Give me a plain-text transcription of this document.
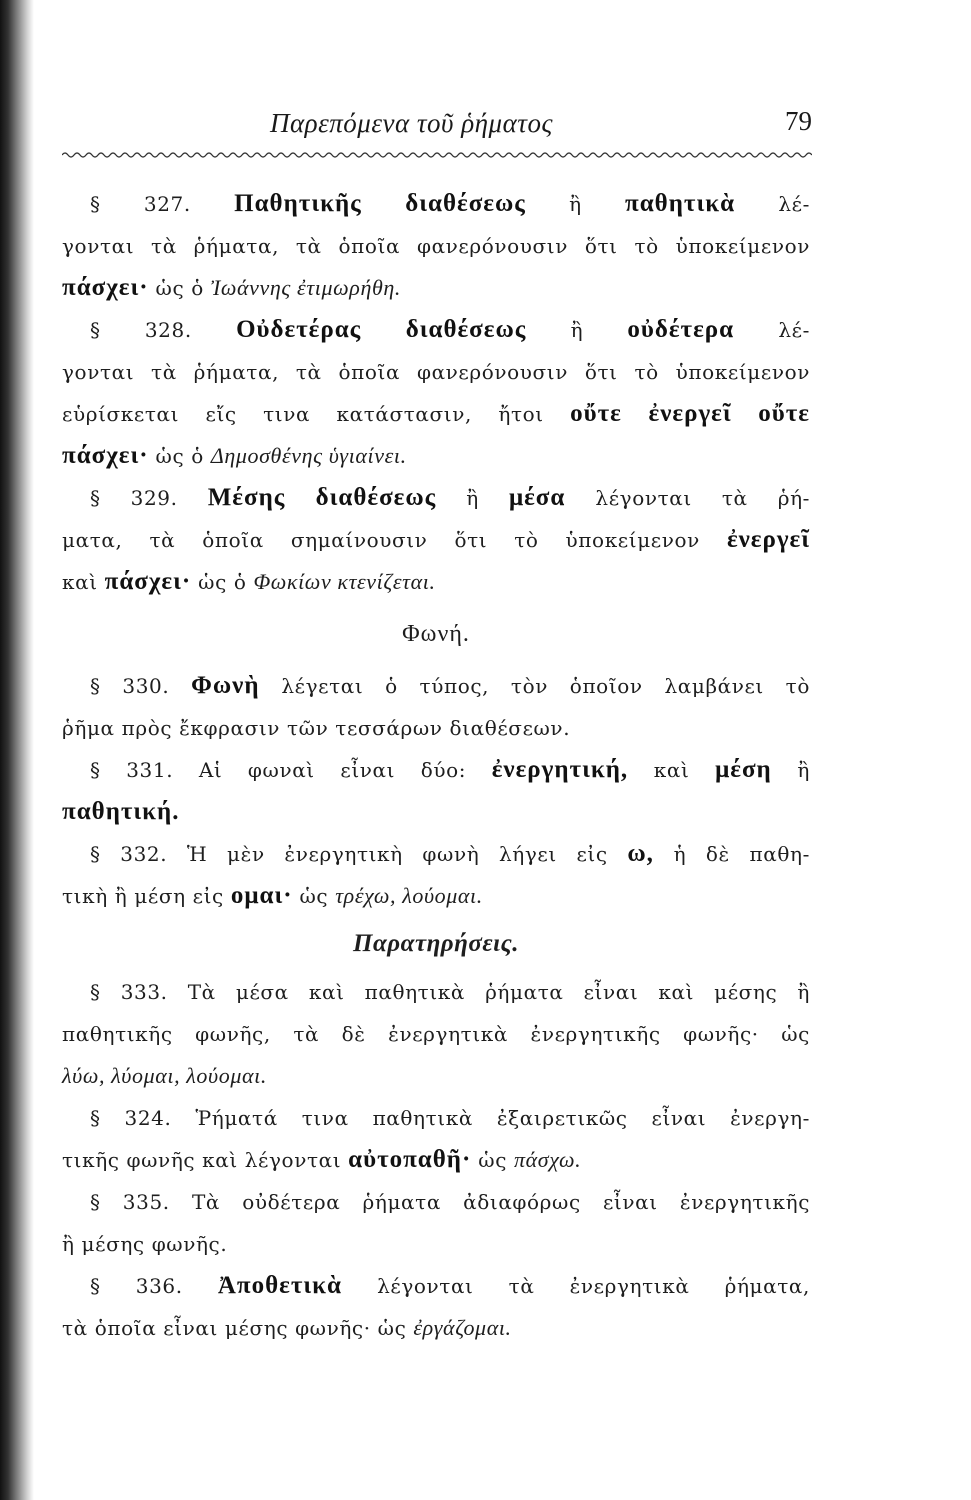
Παρεπόμενα τοῦ ῥήματος	79
§ 327. Παθητικῆς διαθέσεως ἢ παθητικὰ λέ-
γονται τὰ ῥήματα, τὰ ὁποῖα φανερόνουσιν ὅτι τὸ ὑποκείμενον
πάσχει· ὡς ὁ Ἰωάννης ἐτιμωρήθη.
§ 328. Οὐδετέρας διαθέσεως ἢ οὐδέτερα λέ-
γονται τὰ ῥήματα, τὰ ὁποῖα φανερόνουσιν ὅτι τὸ ὑποκείμενον
εὑρίσκεται εἴς τινα κατάστασιν, ἤτοι οὔτε ἐνεργεῖ οὔτε
πάσχει· ὡς ὁ Δημοσθένης ὑγιαίνει.
§ 329. Μέσης διαθέσεως ἢ μέσα λέγονται τὰ ῥή-
ματα, τὰ ὁποῖα σημαίνουσιν ὅτι τὸ ὑποκείμενον ἐνεργεῖ
καὶ πάσχει· ὡς ὁ Φωκίων κτενίζεται.
Φωνή.
§ 330. Φωνὴ λέγεται ὁ τύπος, τὸν ὁποῖον λαμβάνει τὸ
ῥῆμα πρὸς ἔκφρασιν τῶν τεσσάρων διαθέσεων.
§ 331. Αἱ φωναὶ εἶναι δύο: ἐνεργητική, καὶ μέση ἢ
παθητική.
§ 332. Ἡ μὲν ἐνεργητικὴ φωνὴ λήγει εἰς ω, ἡ δὲ παθη-
τικὴ ἢ μέση εἰς ομαι· ὡς τρέχω, λούομαι.
Παρατηρήσεις.
§ 333. Τὰ μέσα καὶ παθητικὰ ῥήματα εἶναι καὶ μέσης ἢ
παθητικῆς φωνῆς, τὰ δὲ ἐνεργητικὰ ἐνεργητικῆς φωνῆς· ὡς
λύω, λύομαι, λούομαι.
§ 324. Ῥήματά τινα παθητικὰ ἐξαιρετικῶς εἶναι ἐνεργη-
τικῆς φωνῆς καὶ λέγονται αὐτοπαθῆ· ὡς πάσχω.
§ 335. Τὰ οὐδέτερα ῥήματα ἀδιαφόρως εἶναι ἐνεργητικῆς
ἢ μέσης φωνῆς.
§ 336. Ἀποθετικὰ λέγονται τὰ ἐνεργητικὰ ῥήματα,
τὰ ὁποῖα εἶναι μέσης φωνῆς· ὡς ἐργάζομαι.
